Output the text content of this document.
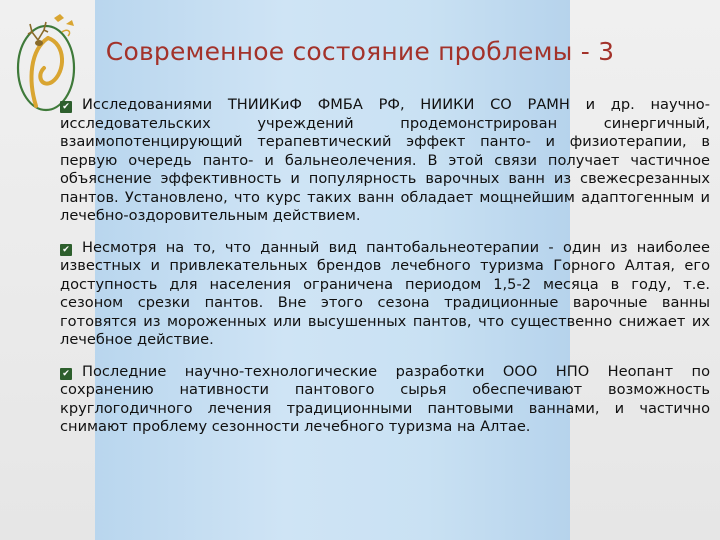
Современное состояние проблемы - 3

✔Исследованиями ТНИИКиФ ФМБА РФ, НИИКИ СО РАМН и др. научно-исследовательских учреждений продемонстрирован синергичный, взаимопотенцирующий терапевтический эффект панто- и физиотерапии, в первую очередь панто- и бальнеолечения. В этой связи получает частичное объяснение эффективность и популярность варочных ванн из свежесрезанных пантов. Установлено, что курс таких ванн обладает мощнейшим адаптогенным и лечебно-оздоровительным действием.

✔Несмотря на то, что данный вид пантобальнеотерапии - один из наиболее известных и привлекательных брендов лечебного туризма Горного Алтая, его доступность для населения ограничена периодом 1,5-2 месяца в году, т.е. сезоном срезки пантов. Вне этого сезона традиционные варочные ванны готовятся из мороженных или высушенных пантов, что существенно снижает их лечебное действие.

✔Последние научно-технологические разработки ООО НПО Неопант по сохранению нативности пантового сырья обеспечивают возможность круглогодичного лечения традиционными пантовыми ваннами, и частично снимают проблему сезонности лечебного туризма на Алтае.
